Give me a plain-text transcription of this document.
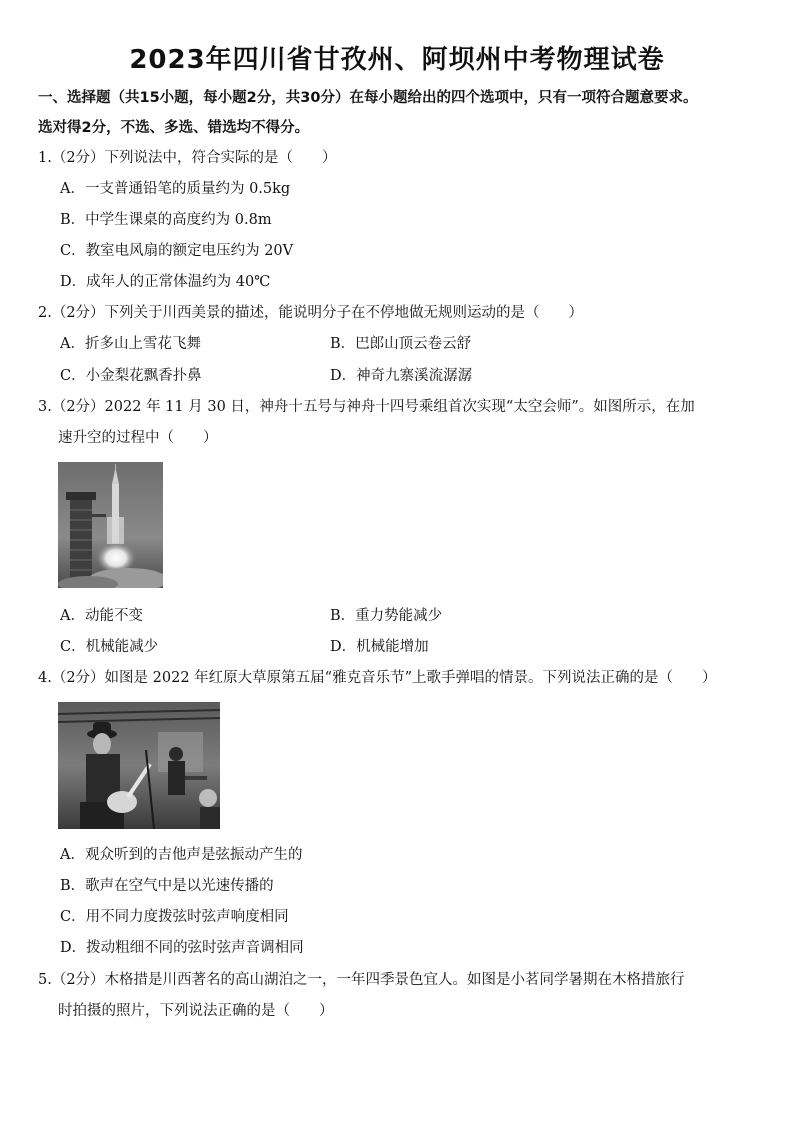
2023年四川省甘孜州、阿坝州中考物理试卷
一、选择题（共15小题，每小题2分，共30分）在每小题给出的四个选项中，只有一项符合题意要求。
选对得2分，不选、多选、错选均不得分。
1.（2分）下列说法中，符合实际的是（　　）
A．一支普通铅笔的质量约为 0.5kg
B．中学生课桌的高度约为 0.8m
C．教室电风扇的额定电压约为 20V
D．成年人的正常体温约为 40℃
2.（2分）下列关于川西美景的描述，能说明分子在不停地做无规则运动的是（　　）
A．折多山上雪花飞舞	B．巴郎山顶云卷云舒
C．小金梨花飘香扑鼻	D．神奇九寨溪流潺潺
3.（2分）2022 年 11 月 30 日，神舟十五号与神舟十四号乘组首次实现“太空会师”。如图所示，在加
速升空的过程中（　　）
A．动能不变	B．重力势能减少
C．机械能减少	D．机械能增加
4.（2分）如图是 2022 年红原大草原第五届“雅克音乐节”上歌手弹唱的情景。下列说法正确的是（　　）
A．观众听到的吉他声是弦振动产生的
B．歌声在空气中是以光速传播的
C．用不同力度拨弦时弦声响度相同
D．拨动粗细不同的弦时弦声音调相同
5.（2分）木格措是川西著名的高山湖泊之一，一年四季景色宜人。如图是小茗同学暑期在木格措旅行
时拍摄的照片，下列说法正确的是（　　）
